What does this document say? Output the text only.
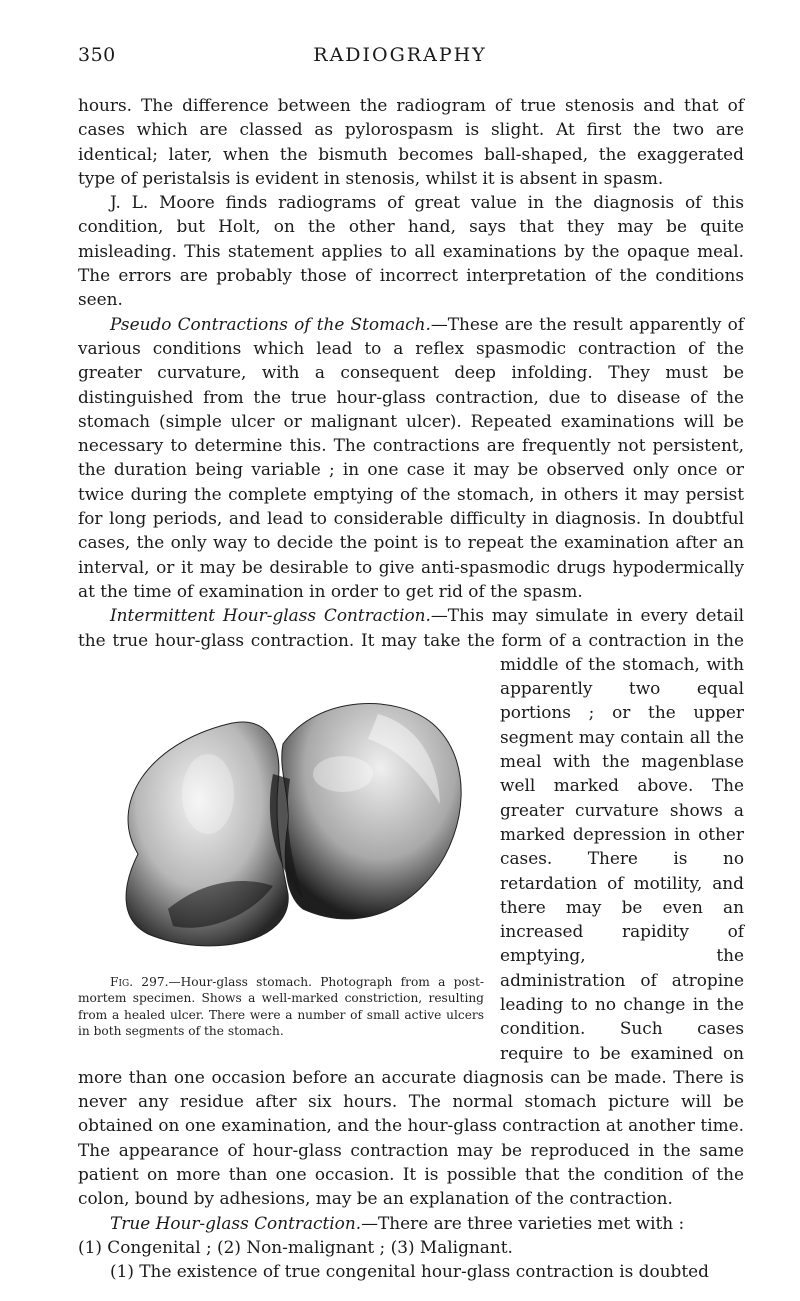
350	RADIOGRAPHY

hours. The difference between the radiogram of true stenosis and that of cases which are classed as pylorospasm is slight. At first the two are identical; later, when the bismuth becomes ball-shaped, the exaggerated type of peristalsis is evident in stenosis, whilst it is absent in spasm.

J. L. Moore finds radiograms of great value in the diagnosis of this condition, but Holt, on the other hand, says that they may be quite misleading. This statement applies to all examinations by the opaque meal. The errors are probably those of incorrect interpretation of the conditions seen.

Pseudo Contractions of the Stomach.—These are the result apparently of various conditions which lead to a reflex spasmodic contraction of the greater curvature, with a consequent deep infolding. They must be distinguished from the true hour-glass contraction, due to disease of the stomach (simple ulcer or malignant ulcer). Repeated examinations will be necessary to determine this. The contractions are frequently not persistent, the duration being variable ; in one case it may be observed only once or twice during the complete emptying of the stomach, in others it may persist for long periods, and lead to considerable difficulty in diagnosis. In doubtful cases, the only way to decide the point is to repeat the examination after an interval, or it may be desirable to give anti-spasmodic drugs hypodermically at the time of examination in order to get rid of the spasm.

Intermittent Hour-glass Contraction.—This may simulate in every detail the true hour-glass contraction. It may take the form of a contraction in
Fig. 297.—Hour-glass stomach. Photograph from a post-mortem specimen. Shows a well-marked constriction, resulting from a healed ulcer. There were a number of small active ulcers in both segments of the stomach.
the middle of the stomach, with apparently two equal portions ; or the upper segment may contain all the meal with the magenblase well marked above. The greater curvature shows a marked depression in other cases. There is no retardation of motility, and there may be even an increased rapidity of emptying, the administration of atropine leading to no change in the condition. Such cases require to be examined on more than one occasion before an accurate diagnosis can be made. There is never any residue after six hours. The normal stomach picture will be obtained on one examination, and the hour-glass contraction at another time. The appearance of hour-glass contraction may be reproduced in the same patient on more than one occasion. It is possible that the condition of the colon, bound by adhesions, may be an explanation of the contraction.

True Hour-glass Contraction.—There are three varieties met with :

(1) Congenital ; (2) Non-malignant ; (3) Malignant.

(1) The existence of true congenital hour-glass contraction is doubted
